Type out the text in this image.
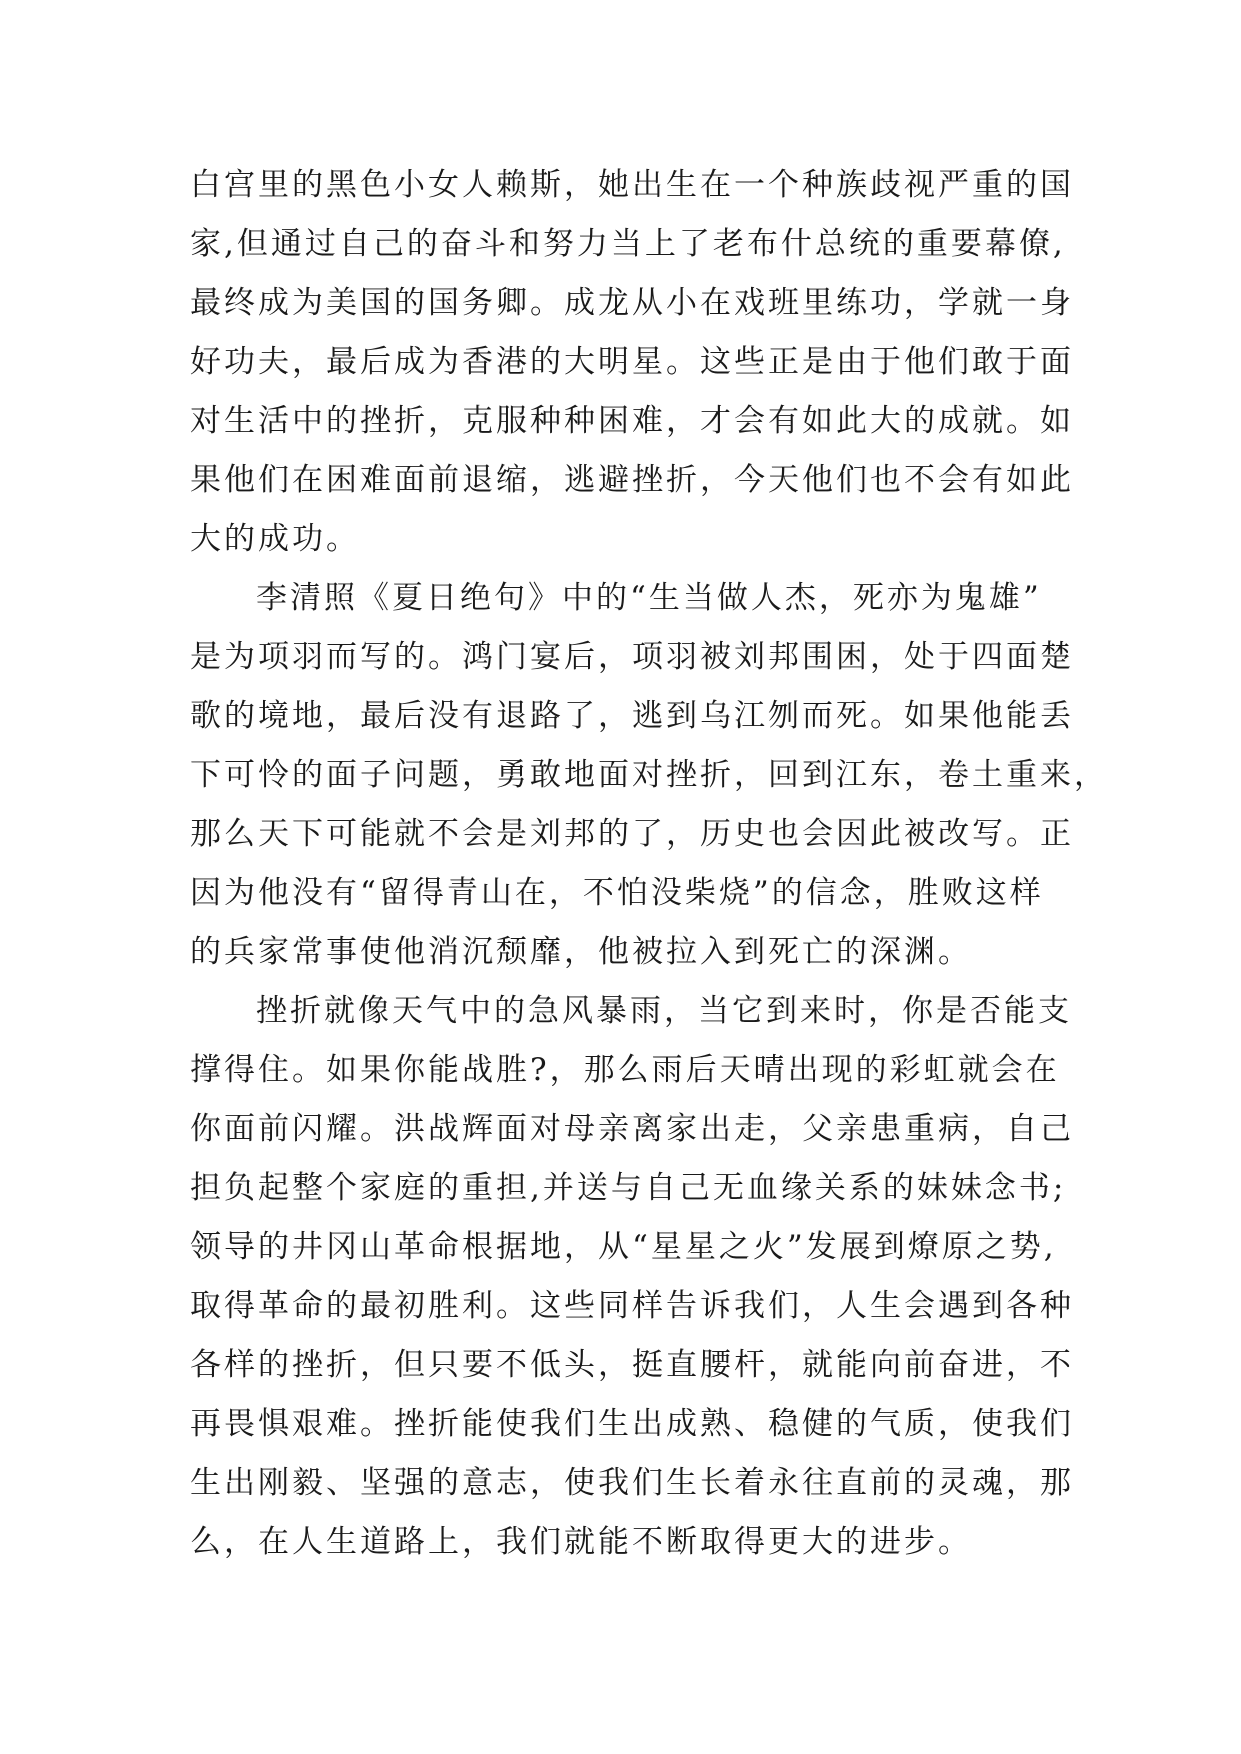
白宫里的黑色小女人赖斯，她出生在一个种族歧视严重的国
家,但通过自己的奋斗和努力当上了老布什总统的重要幕僚,
最终成为美国的国务卿。成龙从小在戏班里练功，学就一身
好功夫，最后成为香港的大明星。这些正是由于他们敢于面
对生活中的挫折，克服种种困难，才会有如此大的成就。如
果他们在困难面前退缩，逃避挫折，今天他们也不会有如此
大的成功。
李清照《夏日绝句》中的“生当做人杰，死亦为鬼雄”
是为项羽而写的。鸿门宴后，项羽被刘邦围困，处于四面楚
歌的境地，最后没有退路了，逃到乌江刎而死。如果他能丢
下可怜的面子问题，勇敢地面对挫折，回到江东，卷土重来，
那么天下可能就不会是刘邦的了，历史也会因此被改写。正
因为他没有“留得青山在，不怕没柴烧”的信念，胜败这样
的兵家常事使他消沉颓靡，他被拉入到死亡的深渊。
挫折就像天气中的急风暴雨，当它到来时，你是否能支
撑得住。如果你能战胜?，那么雨后天晴出现的彩虹就会在
你面前闪耀。洪战辉面对母亲离家出走，父亲患重病，自己
担负起整个家庭的重担,并送与自己无血缘关系的妹妹念书;
领导的井冈山革命根据地，从“星星之火”发展到燎原之势,
取得革命的最初胜利。这些同样告诉我们，人生会遇到各种
各样的挫折，但只要不低头，挺直腰杆，就能向前奋进，不
再畏惧艰难。挫折能使我们生出成熟、稳健的气质，使我们
生出刚毅、坚强的意志，使我们生长着永往直前的灵魂，那
么，在人生道路上，我们就能不断取得更大的进步。
